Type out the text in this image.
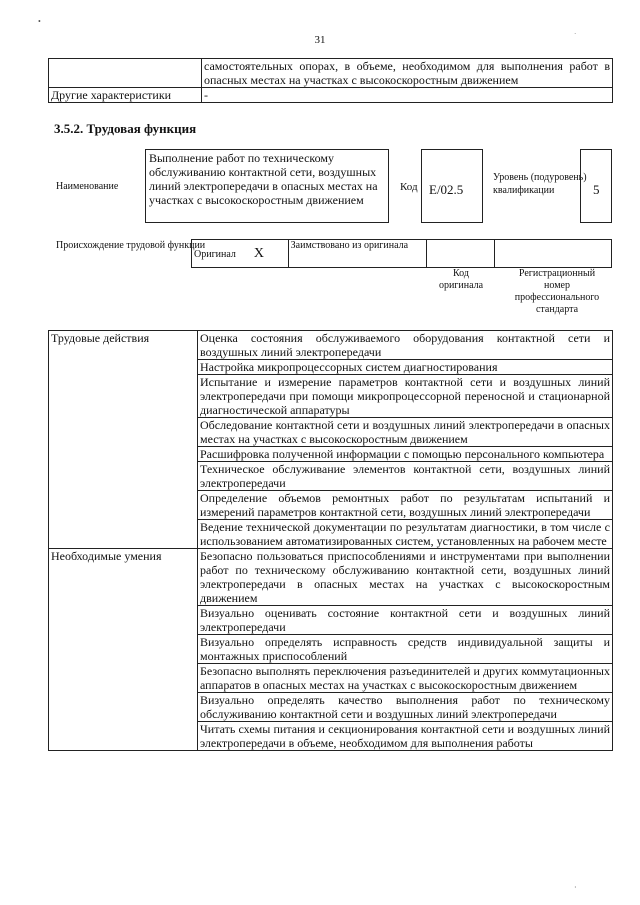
•
·
·
31
	самостоятельных опорах, в объеме, необходимом для выполнения работ в опасных местах на участках с высокоскоростным движением
Другие характеристики	-
3.5.2. Трудовая функция
Наименование
Выполнение работ по техническому обслуживанию контактной сети, воздушных линий электропередачи в опасных местах на участках с высокоскоростным движением
Код E/02.5
Уровень (подуровень) квалификации	5
Происхождение трудовой функции
Оригинал X	Заимствовано из оригинала		
Код оригинала
Регистрационный номер профессионального стандарта
Трудовые действия	Оценка состояния обслуживаемого оборудования контактной сети и воздушных линий электропередачи
	Настройка микропроцессорных систем диагностирования
	Испытание и измерение параметров контактной сети и воздушных линий электропередачи при помощи микропроцессорной переносной и стационарной диагностической аппаратуры
	Обследование контактной сети и воздушных линий электропередачи в опасных местах на участках с высокоскоростным движением
	Расшифровка полученной информации с помощью персонального компьютера
	Техническое обслуживание элементов контактной сети, воздушных линий электропередачи
	Определение объемов ремонтных работ по результатам испытаний и измерений параметров контактной сети, воздушных линий электропередачи
	Ведение технической документации по результатам диагностики, в том числе с использованием автоматизированных систем, установленных на рабочем месте
Необходимые умения	Безопасно пользоваться приспособлениями и инструментами при выполнении работ по техническому обслуживанию контактной сети, воздушных линий электропередачи в опасных местах на участках с высокоскоростным движением
	Визуально оценивать состояние контактной сети и воздушных линий электропередачи
	Визуально определять исправность средств индивидуальной защиты и монтажных приспособлений
	Безопасно выполнять переключения разъединителей и других коммутационных аппаратов в опасных местах на участках с высокоскоростным движением
	Визуально определять качество выполнения работ по техническому обслуживанию контактной сети и воздушных линий электропередачи
	Читать схемы питания и секционирования контактной сети и воздушных линий электропередачи в объеме, необходимом для выполнения работы
